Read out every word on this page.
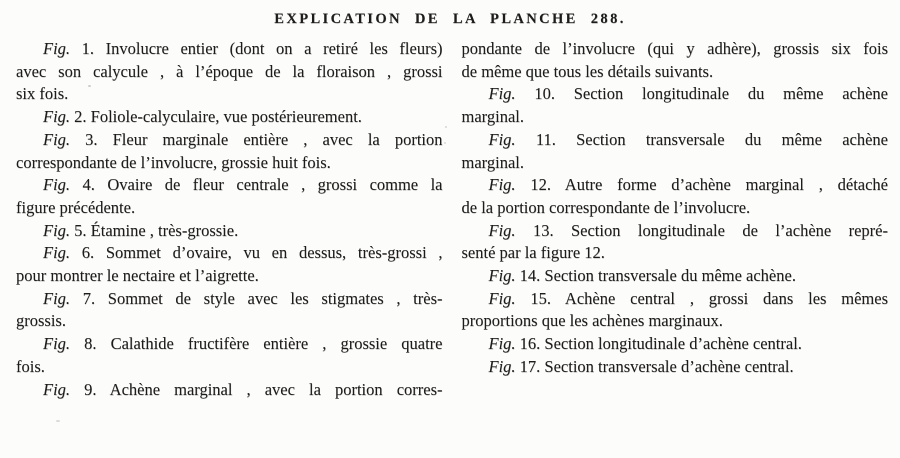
EXPLICATION DE LA PLANCHE 288.
Fig. 1. Involucre entier (dont on a retiré les fleurs)
avec son calycule , à l’époque de la floraison , grossi
six fois.
Fig. 2. Foliole-calyculaire, vue postérieurement.
Fig. 3. Fleur marginale entière , avec la portion
correspondante de l’involucre, grossie huit fois.
Fig. 4. Ovaire de fleur centrale , grossi comme la
figure précédente.
Fig. 5. Étamine , très-grossie.
Fig. 6. Sommet d’ovaire, vu en dessus, très-grossi ,
pour montrer le nectaire et l’aigrette.
Fig. 7. Sommet de style avec les stigmates , très-
grossis.
Fig. 8. Calathide fructifère entière , grossie quatre
fois.
Fig. 9. Achène marginal , avec la portion corres-
pondante de l’involucre (qui y adhère), grossis six fois
de même que tous les détails suivants.
Fig. 10. Section longitudinale du même achène
marginal.
Fig. 11. Section transversale du même achène
marginal.
Fig. 12. Autre forme d’achène marginal , détaché
de la portion correspondante de l’involucre.
Fig. 13. Section longitudinale de l’achène repré-
senté par la figure 12.
Fig. 14. Section transversale du même achène.
Fig. 15. Achène central , grossi dans les mêmes
proportions que les achènes marginaux.
Fig. 16. Section longitudinale d’achène central.
Fig. 17. Section transversale d’achène central.
